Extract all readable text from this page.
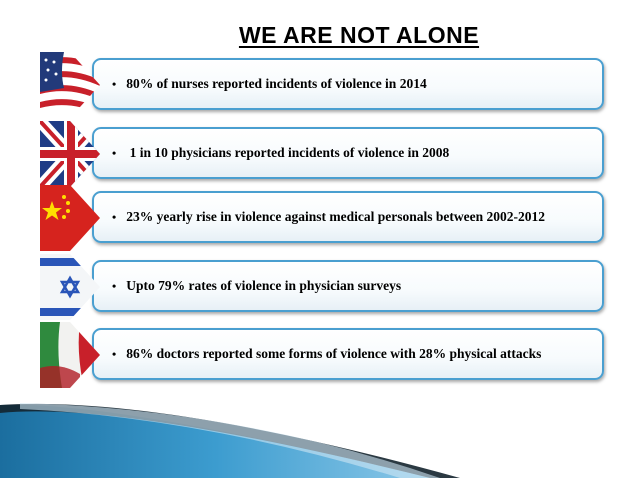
WE ARE NOT ALONE
• 80% of nurses reported incidents of violence in 2014
• 1 in 10 physicians reported incidents of violence in 2008
• 23% yearly rise in violence against medical personals between 2002-2012
• Upto 79% rates of violence in physician surveys
• 86% doctors reported some forms of violence with 28% physical attacks
